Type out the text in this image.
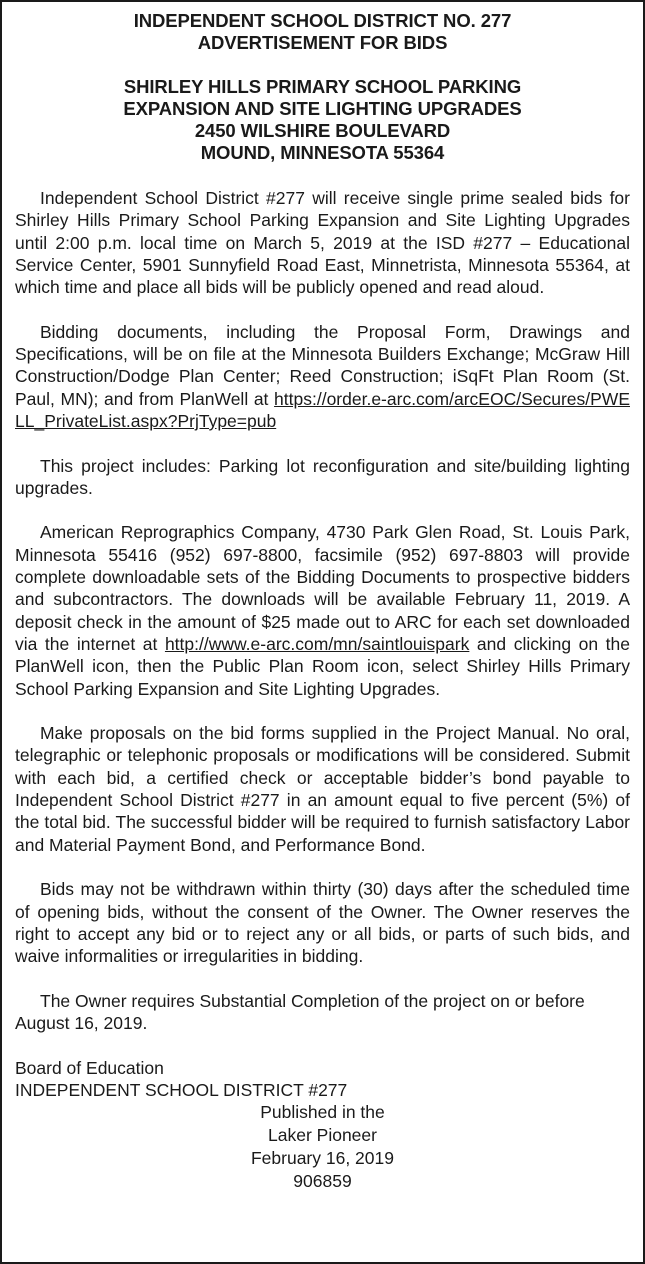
INDEPENDENT SCHOOL DISTRICT NO. 277
ADVERTISEMENT FOR BIDS
SHIRLEY HILLS PRIMARY SCHOOL PARKING
EXPANSION AND SITE LIGHTING UPGRADES
2450 WILSHIRE BOULEVARD
MOUND, MINNESOTA 55364

Independent School District #277 will receive single prime sealed bids for Shirley Hills Primary School Parking Expansion and Site Lighting Upgrades until 2:00 p.m. local time on March 5, 2019 at the ISD #277 – Educational Service Center, 5901 Sunnyfield Road East, Minnetrista, Minnesota 55364, at which time and place all bids will be publicly opened and read aloud.

Bidding documents, including the Proposal Form, Drawings and Specifications, will be on file at the Minnesota Builders Exchange; McGraw Hill Construction/Dodge Plan Center; Reed Construction; iSqFt Plan Room (St. Paul, MN); and from PlanWell at https://order.e-arc.com/arcEOC/Secures/PWELL_PrivateList.aspx?PrjType=pub

This project includes: Parking lot reconfiguration and site/building lighting upgrades.

American Reprographics Company, 4730 Park Glen Road, St. Louis Park, Minnesota 55416 (952) 697-8800, facsimile (952) 697-8803 will provide complete downloadable sets of the Bidding Documents to prospective bidders and subcontractors. The downloads will be available February 11, 2019. A deposit check in the amount of $25 made out to ARC for each set downloaded via the internet at http://www.e-arc.com/mn/saintlouispark and clicking on the PlanWell icon, then the Public Plan Room icon, select Shirley Hills Primary School Parking Expansion and Site Lighting Upgrades.

Make proposals on the bid forms supplied in the Project Manual. No oral, telegraphic or telephonic proposals or modifications will be considered. Submit with each bid, a certified check or acceptable bidder’s bond payable to Independent School District #277 in an amount equal to five percent (5%) of the total bid. The successful bidder will be required to furnish satisfactory Labor and Material Payment Bond, and Performance Bond.

Bids may not be withdrawn within thirty (30) days after the scheduled time of opening bids, without the consent of the Owner. The Owner reserves the right to accept any bid or to reject any or all bids, or parts of such bids, and waive informalities or irregularities in bidding.

The Owner requires Substantial Completion of the project on or before August 16, 2019.

Board of Education
INDEPENDENT SCHOOL DISTRICT #277
Published in the
Laker Pioneer
February 16, 2019
906859
